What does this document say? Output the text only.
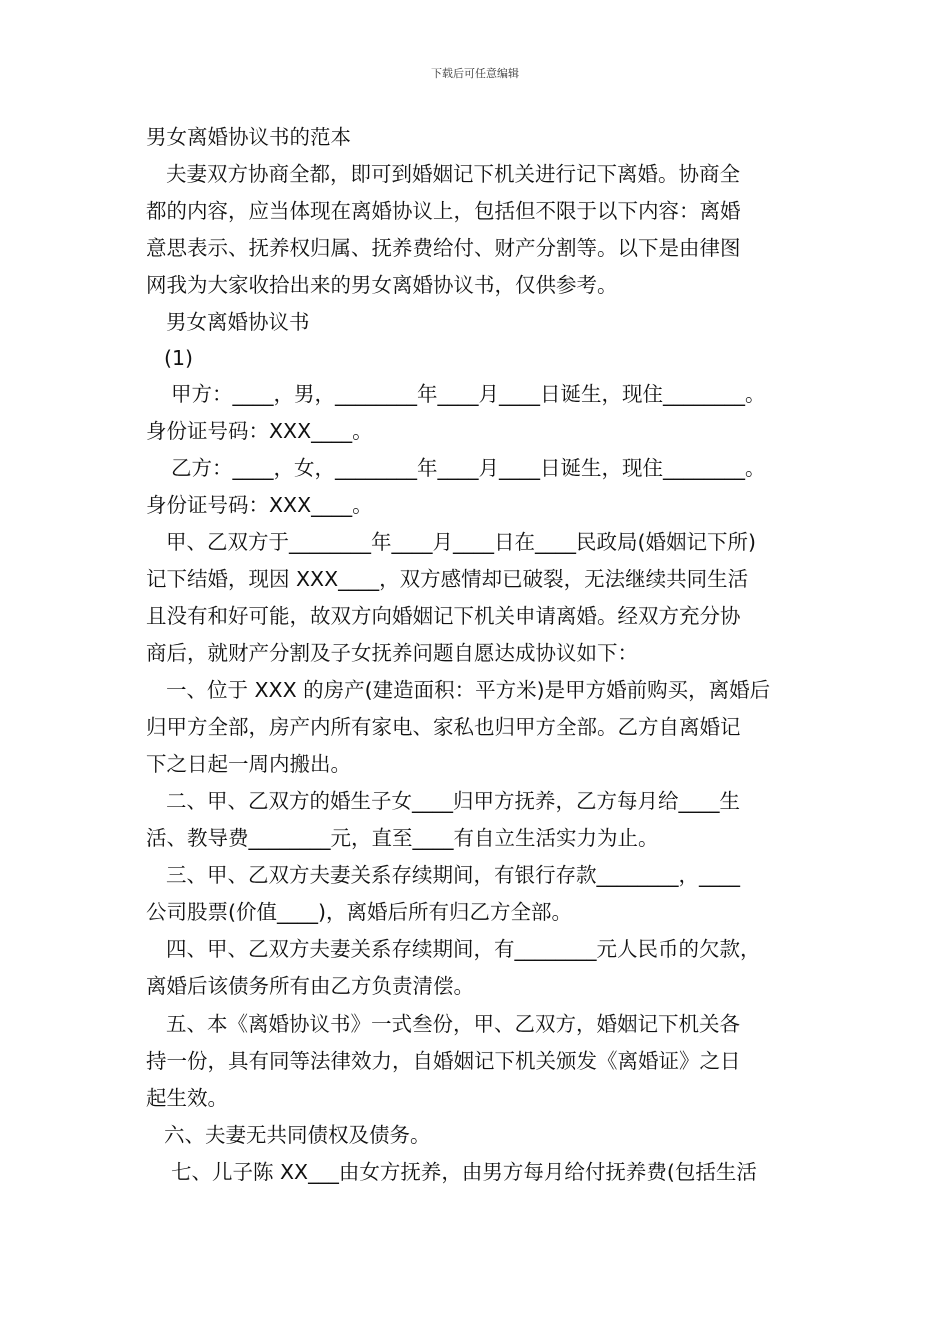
下载后可任意编辑
男女离婚协议书的范本
夫妻双方协商全都，即可到婚姻记下机关进行记下离婚。协商全
都的内容，应当体现在离婚协议上，包括但不限于以下内容：离婚
意思表示、抚养权归属、抚养费给付、财产分割等。以下是由律图
网我为大家收拾出来的男女离婚协议书，仅供参考。
男女离婚协议书
(1)
甲方：____，男，________年____月____日诞生，现住________。
身份证号码：XXX____。
乙方：____，女，________年____月____日诞生，现住________。
身份证号码：XXX____。
甲、乙双方于________年____月____日在____民政局(婚姻记下所)
记下结婚，现因 XXX____，双方感情却已破裂，无法继续共同生活
且没有和好可能，故双方向婚姻记下机关申请离婚。经双方充分协
商后，就财产分割及子女抚养问题自愿达成协议如下：
一、位于 XXX 的房产(建造面积：平方米)是甲方婚前购买，离婚后
归甲方全部，房产内所有家电、家私也归甲方全部。乙方自离婚记
下之日起一周内搬出。
二、甲、乙双方的婚生子女____归甲方抚养，乙方每月给____生
活、教导费________元，直至____有自立生活实力为止。
三、甲、乙双方夫妻关系存续期间，有银行存款________，____
公司股票(价值____)，离婚后所有归乙方全部。
四、甲、乙双方夫妻关系存续期间，有________元人民币的欠款，
离婚后该债务所有由乙方负责清偿。
五、本《离婚协议书》一式叁份，甲、乙双方，婚姻记下机关各
持一份，具有同等法律效力，自婚姻记下机关颁发《离婚证》之日
起生效。
六、夫妻无共同债权及债务。
七、儿子陈 XX___由女方抚养，由男方每月给付抚养费(包括生活
